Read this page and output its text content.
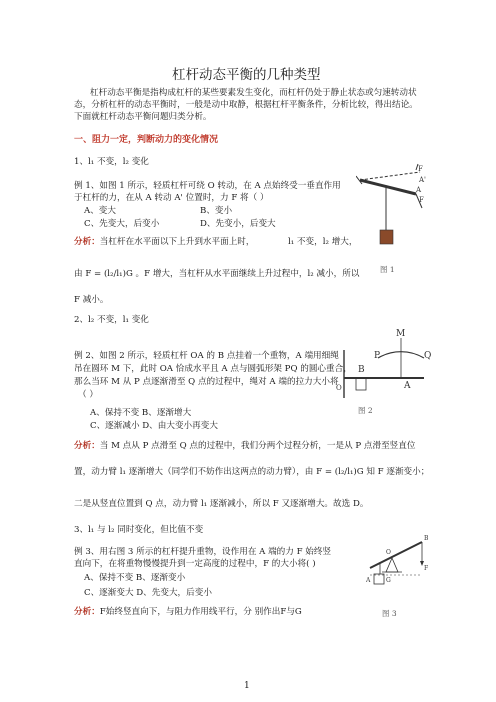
杠杆动态平衡的几种类型
杠杆动态平衡是指构成杠杆的某些要素发生变化，而杠杆仍处于静止状态或匀速转动状
态，分析杠杆的动态平衡时，一般是动中取静，根据杠杆平衡条件，分析比较，得出结论。
下面就杠杆动态平衡问题归类分析。
一、阻力一定，判断动力的变化情况
1、l₁ 不变，l₂ 变化
例 1、如图 1 所示，轻质杠杆可绕 O 转动，在 A 点始终受一垂直作用
于杠杆的力，在从 A 转动 A' 位置时，力 F 将（ ）
A、变大	B、变小
C、先变大，后变小	D、先变小，后变大
分析：当杠杆在水平面以下上升到水平面上时，	l₁ 不变，l₂ 增大，
由 F = (l₂/l₁)G 。F 增大，当杠杆从水平面继续上升过程中，l₂ 减小，所以
F 减小。
F
A'
F
A
图 1
2、l₂ 不变，l₁ 变化
例 2、如图 2 所示，轻质杠杆 OA 的 B 点挂着一个重物，A 端用细绳
吊在圆环 M 下，此时 OA 恰成水平且 A 点与圆弧形架 PQ 的圆心重合，
那么当环 M 从 P 点逐渐滑至 Q 点的过程中，绳对 A 端的拉力大小将
（ ）
A、保持不变 B、逐渐增大
C、逐渐减小 D、由大变小再变大
分析：当 M 点从 P 点滑至 Q 点的过程中，我们分两个过程分析，一是从 P 点滑至竖直位
置，动力臂 l₁ 逐渐增大（同学们不妨作出这两点的动力臂），由 F = (l₂/l₁)G 知 F 逐渐变小；
二是从竖直位置到 Q 点，动力臂 l₁ 逐渐减小，所以 F 又逐渐增大。故选 D。
M
P	Q
O
B
A
图 2
3、l₁ 与 l₂ 同时变化，但比值不变
例 3、用右图 3 所示的杠杆提升重物，设作用在 A 端的力 F 始终竖
直向下，在将重物慢慢提升到一定高度的过程中，F 的大小将( )
A、保持不变 B、逐渐变小
C、逐渐变大 D、先变大，后变小
分析：F始终竖直向下，与阻力作用线平行，分 别作出F与G
B
O
A	G
F
图 3
1
